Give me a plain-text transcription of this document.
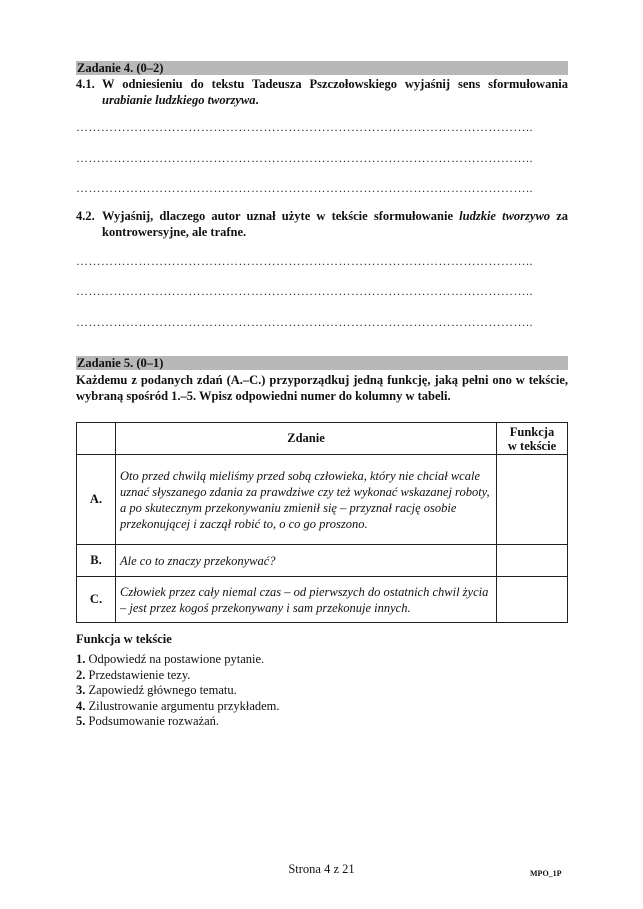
Zadanie 4. (0–2)
4.1. W odniesieniu do tekstu Tadeusza Pszczołowskiego wyjaśnij sens sformułowania urabianie ludzkiego tworzywa.
………………………………………………………………………………………………..
………………………………………………………………………………………………..
………………………………………………………………………………………………..
4.2. Wyjaśnij, dlaczego autor uznał użyte w tekście sformułowanie ludzkie tworzywo za kontrowersyjne, ale trafne.
………………………………………………………………………………………………..
………………………………………………………………………………………………..
………………………………………………………………………………………………..
Zadanie 5. (0–1)
Każdemu z podanych zdań (A.–C.) przyporządkuj jedną funkcję, jaką pełni ono w tekście, wybraną spośród 1.–5. Wpisz odpowiedni numer do kolumny w tabeli.
	Zdanie	Funkcja
w tekście

A.	Oto przed chwilą mieliśmy przed sobą człowieka, który nie chciał wcale uznać słyszanego zdania za prawdziwe czy też wykonać wskazanej roboty, a po skutecznym przekonywaniu zmienił się – przyznał rację osobie przekonującej i zaczął robić to, o co go proszono.	
B.	Ale co to znaczy przekonywać?	
C.	Człowiek przez cały niemal czas – od pierwszych do ostatnich chwil życia – jest przez kogoś przekonywany i sam przekonuje innych.	
Funkcja w tekście
1. Odpowiedź na postawione pytanie.
2. Przedstawienie tezy.
3. Zapowiedź głównego tematu.
4. Zilustrowanie argumentu przykładem.
5. Podsumowanie rozważań.
Strona 4 z 21	MPO_1P
